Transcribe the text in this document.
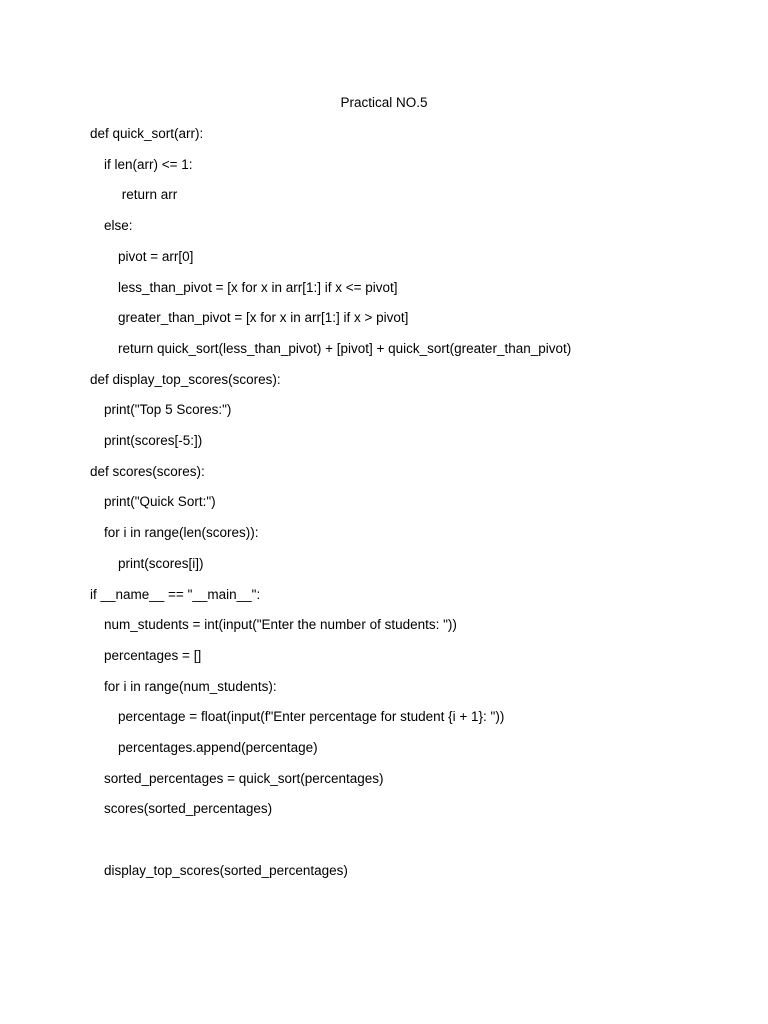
Practical NO.5
def quick_sort(arr):
if len(arr) <= 1:
return arr
else:
pivot = arr[0]
less_than_pivot = [x for x in arr[1:] if x <= pivot]
greater_than_pivot = [x for x in arr[1:] if x > pivot]
return quick_sort(less_than_pivot) + [pivot] + quick_sort(greater_than_pivot)
def display_top_scores(scores):
print("Top 5 Scores:")
print(scores[-5:])
def scores(scores):
print("Quick Sort:")
for i in range(len(scores)):
print(scores[i])
if __name__ == "__main__":
num_students = int(input("Enter the number of students: "))
percentages = []
for i in range(num_students):
percentage = float(input(f"Enter percentage for student {i + 1}: "))
percentages.append(percentage)
sorted_percentages = quick_sort(percentages)
scores(sorted_percentages)
display_top_scores(sorted_percentages)
